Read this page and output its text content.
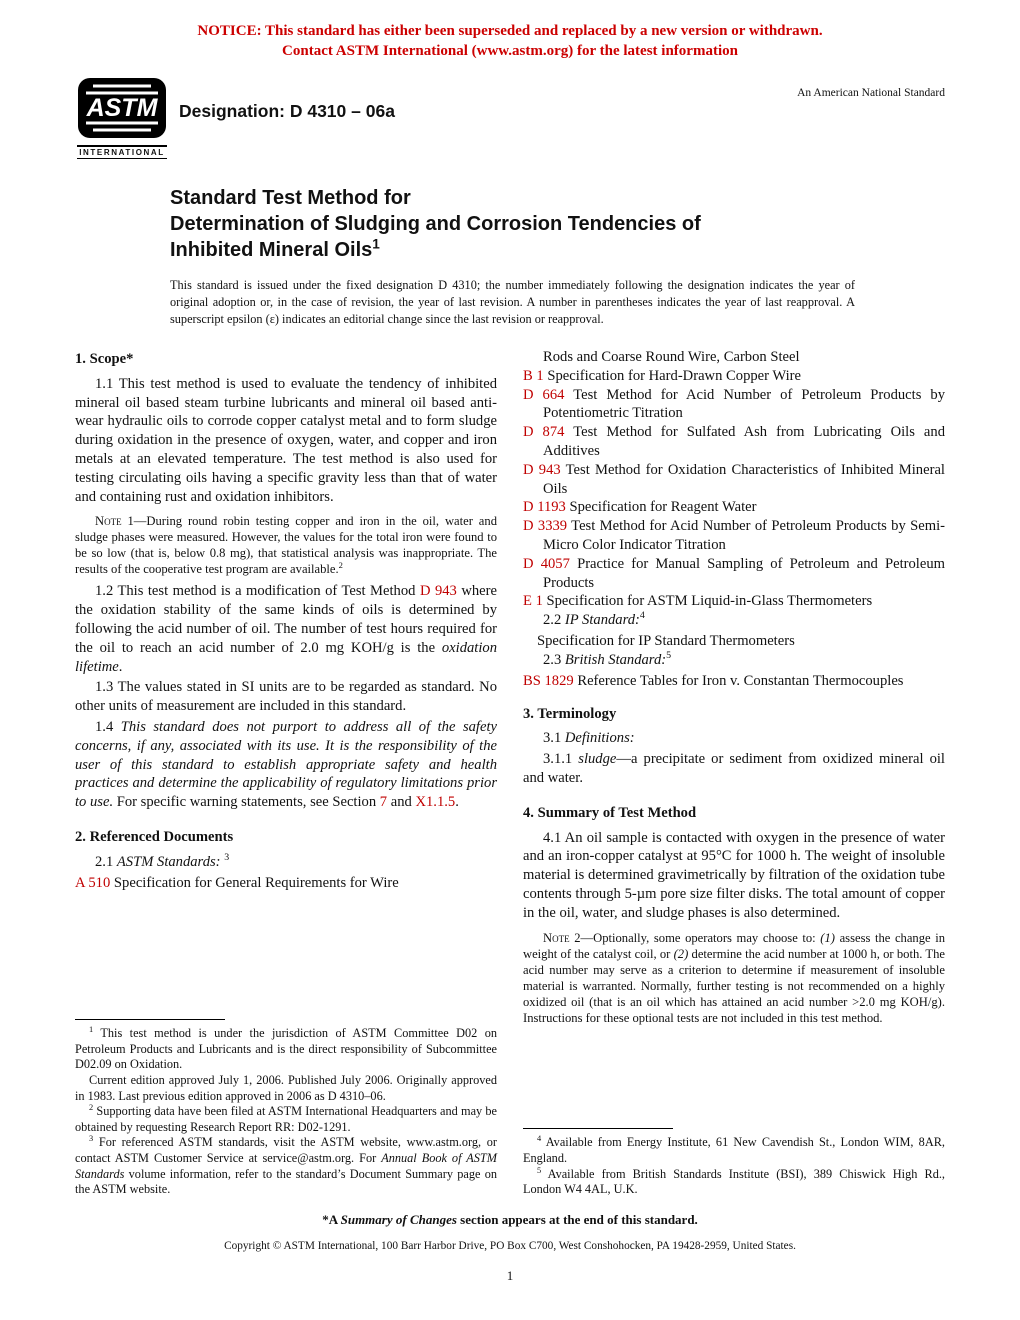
NOTICE: This standard has either been superseded and replaced by a new version or withdrawn.
Contact ASTM International (www.astm.org) for the latest information
ASTM
INTERNATIONAL
Designation: D 4310 – 06a
An American National Standard
Standard Test Method for
Determination of Sludging and Corrosion Tendencies of
Inhibited Mineral Oils$^1$
This standard is issued under the fixed designation D 4310; the number immediately following the designation indicates the year of original adoption or, in the case of revision, the year of last revision. A number in parentheses indicates the year of last reapproval. A superscript epsilon (ε) indicates an editorial change since the last revision or reapproval.
1. Scope*

1.1 This test method is used to evaluate the tendency of inhibited mineral oil based steam turbine lubricants and mineral oil based anti-wear hydraulic oils to corrode copper catalyst metal and to form sludge during oxidation in the presence of oxygen, water, and copper and iron metals at an elevated temperature. The test method is also used for testing circulating oils having a specific gravity less than that of water and containing rust and oxidation inhibitors.

Note 1—During round robin testing copper and iron in the oil, water and sludge phases were measured. However, the values for the total iron were found to be so low (that is, below 0.8 mg), that statistical analysis was inappropriate. The results of the cooperative test program are available.$^2$

1.2 This test method is a modification of Test Method D 943 where the oxidation stability of the same kinds of oils is determined by following the acid number of oil. The number of test hours required for the oil to reach an acid number of 2.0 mg KOH/g is the oxidation lifetime.

1.3 The values stated in SI units are to be regarded as standard. No other units of measurement are included in this standard.

1.4 This standard does not purport to address all of the safety concerns, if any, associated with its use. It is the responsibility of the user of this standard to establish appropriate safety and health practices and determine the applicability of regulatory limitations prior to use. For specific warning statements, see Section 7 and X1.1.5.

2. Referenced Documents

2.1 ASTM Standards: $^3$

A 510 Specification for General Requirements for Wire

$^1$ This test method is under the jurisdiction of ASTM Committee D02 on Petroleum Products and Lubricants and is the direct responsibility of Subcommittee D02.09 on Oxidation.

Current edition approved July 1, 2006. Published July 2006. Originally approved in 1983. Last previous edition approved in 2006 as D 4310–06.

$^2$ Supporting data have been filed at ASTM International Headquarters and may be obtained by requesting Research Report RR: D02-1291.

$^3$ For referenced ASTM standards, visit the ASTM website, www.astm.org, or contact ASTM Customer Service at service@astm.org. For Annual Book of ASTM Standards volume information, refer to the standard’s Document Summary page on the ASTM website.

Rods and Coarse Round Wire, Carbon Steel

B 1 Specification for Hard-Drawn Copper Wire

D 664 Test Method for Acid Number of Petroleum Products by Potentiometric Titration

D 874 Test Method for Sulfated Ash from Lubricating Oils and Additives

D 943 Test Method for Oxidation Characteristics of Inhibited Mineral Oils

D 1193 Specification for Reagent Water

D 3339 Test Method for Acid Number of Petroleum Products by Semi-Micro Color Indicator Titration

D 4057 Practice for Manual Sampling of Petroleum and Petroleum Products

E 1 Specification for ASTM Liquid-in-Glass Thermometers

2.2 IP Standard:$^4$

Specification for IP Standard Thermometers

2.3 British Standard:$^5$

BS 1829 Reference Tables for Iron v. Constantan Thermocouples

3. Terminology

3.1 Definitions:

3.1.1 sludge—a precipitate or sediment from oxidized mineral oil and water.

4. Summary of Test Method

4.1 An oil sample is contacted with oxygen in the presence of water and an iron-copper catalyst at 95°C for 1000 h. The weight of insoluble material is determined gravimetrically by filtration of the oxidation tube contents through 5-µm pore size filter disks. The total amount of copper in the oil, water, and sludge phases is also determined.

Note 2—Optionally, some operators may choose to: (1) assess the change in weight of the catalyst coil, or (2) determine the acid number at 1000 h, or both. The acid number may serve as a criterion to determine if measurement of insoluble material is warranted. Normally, further testing is not recommended on a highly oxidized oil (that is an oil which has attained an acid number >2.0 mg KOH/g). Instructions for these optional tests are not included in this test method.

$^4$ Available from Energy Institute, 61 New Cavendish St., London WIM, 8AR, England.

$^5$ Available from British Standards Institute (BSI), 389 Chiswick High Rd., London W4 4AL, U.K.

*A Summary of Changes section appears at the end of this standard.

Copyright © ASTM International, 100 Barr Harbor Drive, PO Box C700, West Conshohocken, PA 19428-2959, United States.

1
